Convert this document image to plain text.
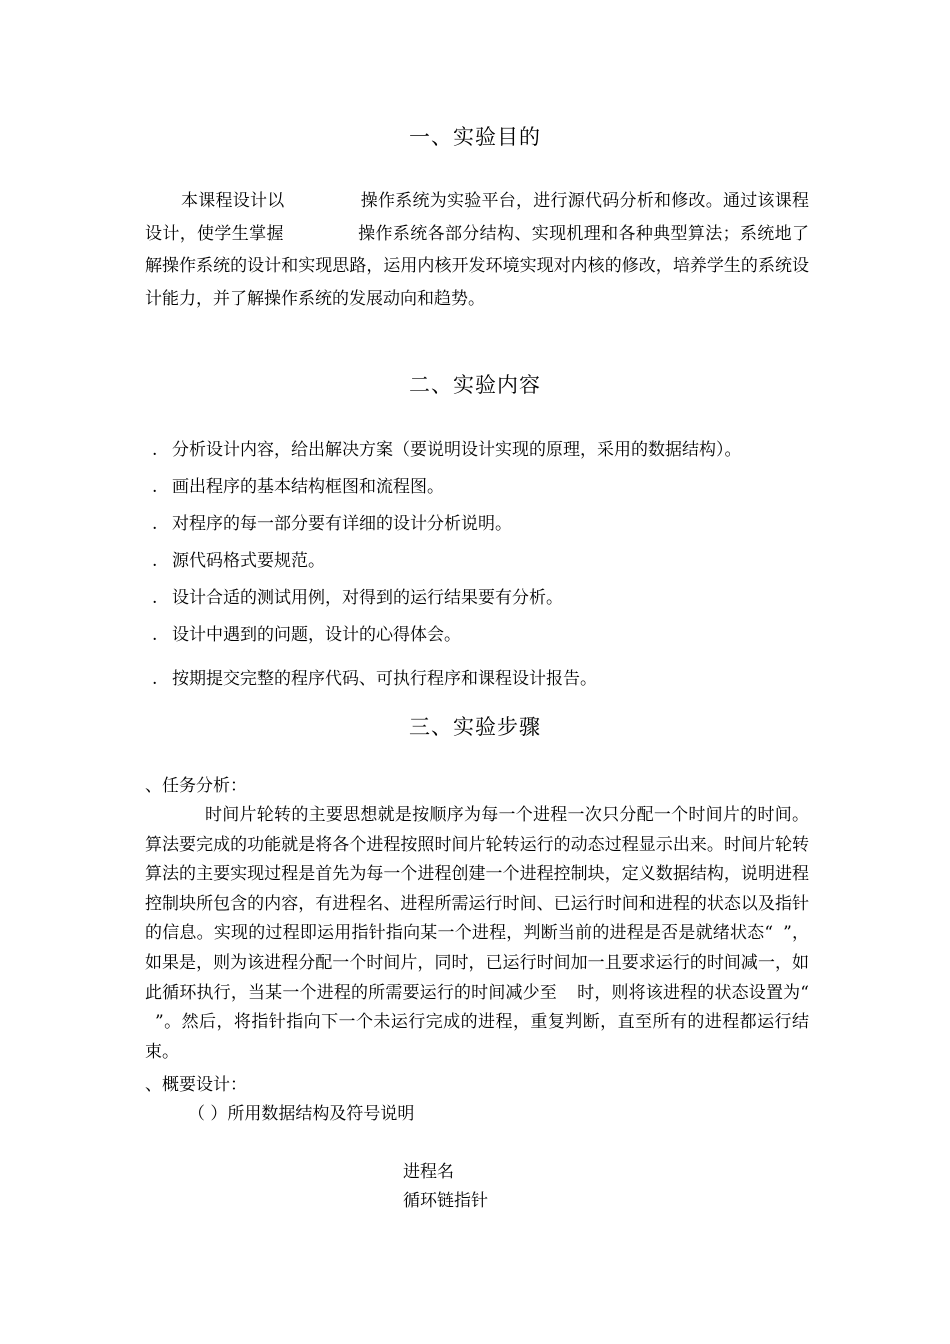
一、实验目的

本课程设计以	操作系统为实验平台，进行源代码分析和修改。通过该课程设计，使学生掌握	操作系统各部分结构、实现机理和各种典型算法；系统地了解操作系统的设计和实现思路，运用内核开发环境实现对内核的修改，培养学生的系统设计能力，并了解操作系统的发展动向和趋势。

二、实验内容

. 分析设计内容，给出解决方案（要说明设计实现的原理，采用的数据结构）。

. 画出程序的基本结构框图和流程图。

. 对程序的每一部分要有详细的设计分析说明。

. 源代码格式要规范。

. 设计合适的测试用例，对得到的运行结果要有分析。

. 设计中遇到的问题，设计的心得体会。

. 按期提交完整的程序代码、可执行程序和课程设计报告。

三、实验步骤

、任务分析：

时间片轮转的主要思想就是按顺序为每一个进程一次只分配一个时间片的时间。算法要完成的功能就是将各个进程按照时间片轮转运行的动态过程显示出来。时间片轮转算法的主要实现过程是首先为每一个进程创建一个进程控制块，定义数据结构，说明进程控制块所包含的内容，有进程名、进程所需运行时间、已运行时间和进程的状态以及指针的信息。实现的过程即运用指针指向某一个进程，判断当前的进程是否是就绪状态“ ”，如果是，则为该进程分配一个时间片，同时，已运行时间加一且要求运行的时间减一，如此循环执行，当某一个进程的所需要运行的时间减少至 时，则将该进程的状态设置为“”。然后，将指针指向下一个未运行完成的进程，重复判断，直至所有的进程都运行结束。

、概要设计：

（ ）所用数据结构及符号说明

进程名

循环链指针
